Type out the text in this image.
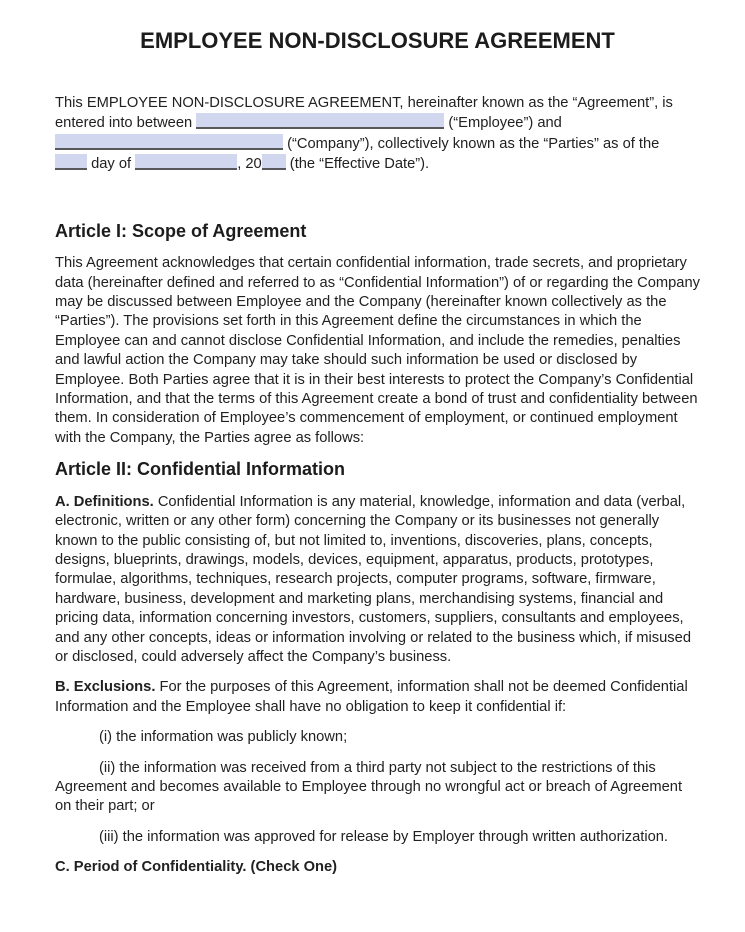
EMPLOYEE NON-DISCLOSURE AGREEMENT

This EMPLOYEE NON-DISCLOSURE AGREEMENT, hereinafter known as the “Agreement”, is
entered into between	(“Employee”) and
(“Company”), collectively known as the “Parties” as of the
day of	, 20 (the “Effective Date”).

Article I: Scope of Agreement

This Agreement acknowledges that certain confidential information, trade secrets, and proprietary data (hereinafter defined and referred to as “Confidential Information”) of or regarding the Company may be discussed between Employee and the Company (hereinafter known collectively as the “Parties”). The provisions set forth in this Agreement define the circumstances in which the Employee can and cannot disclose Confidential Information, and include the remedies, penalties and lawful action the Company may take should such information be used or disclosed by Employee. Both Parties agree that it is in their best interests to protect the Company’s Confidential Information, and that the terms of this Agreement create a bond of trust and confidentiality between them. In consideration of Employee’s commencement of employment, or continued employment with the Company, the Parties agree as follows:

Article II: Confidential Information

A. Definitions. Confidential Information is any material, knowledge, information and data (verbal, electronic, written or any other form) concerning the Company or its businesses not generally known to the public consisting of, but not limited to, inventions, discoveries, plans, concepts, designs, blueprints, drawings, models, devices, equipment, apparatus, products, prototypes, formulae, algorithms, techniques, research projects, computer programs, software, firmware, hardware, business, development and marketing plans, merchandising systems, financial and pricing data, information concerning investors, customers, suppliers, consultants and employees, and any other concepts, ideas or information involving or related to the business which, if misused or disclosed, could adversely affect the Company’s business.

B. Exclusions. For the purposes of this Agreement, information shall not be deemed Confidential Information and the Employee shall have no obligation to keep it confidential if:

(i) the information was publicly known;

(ii) the information was received from a third party not subject to the restrictions of this Agreement and becomes available to Employee through no wrongful act or breach of Agreement on their part; or

(iii) the information was approved for release by Employer through written authorization.

C. Period of Confidentiality. (Check One)
